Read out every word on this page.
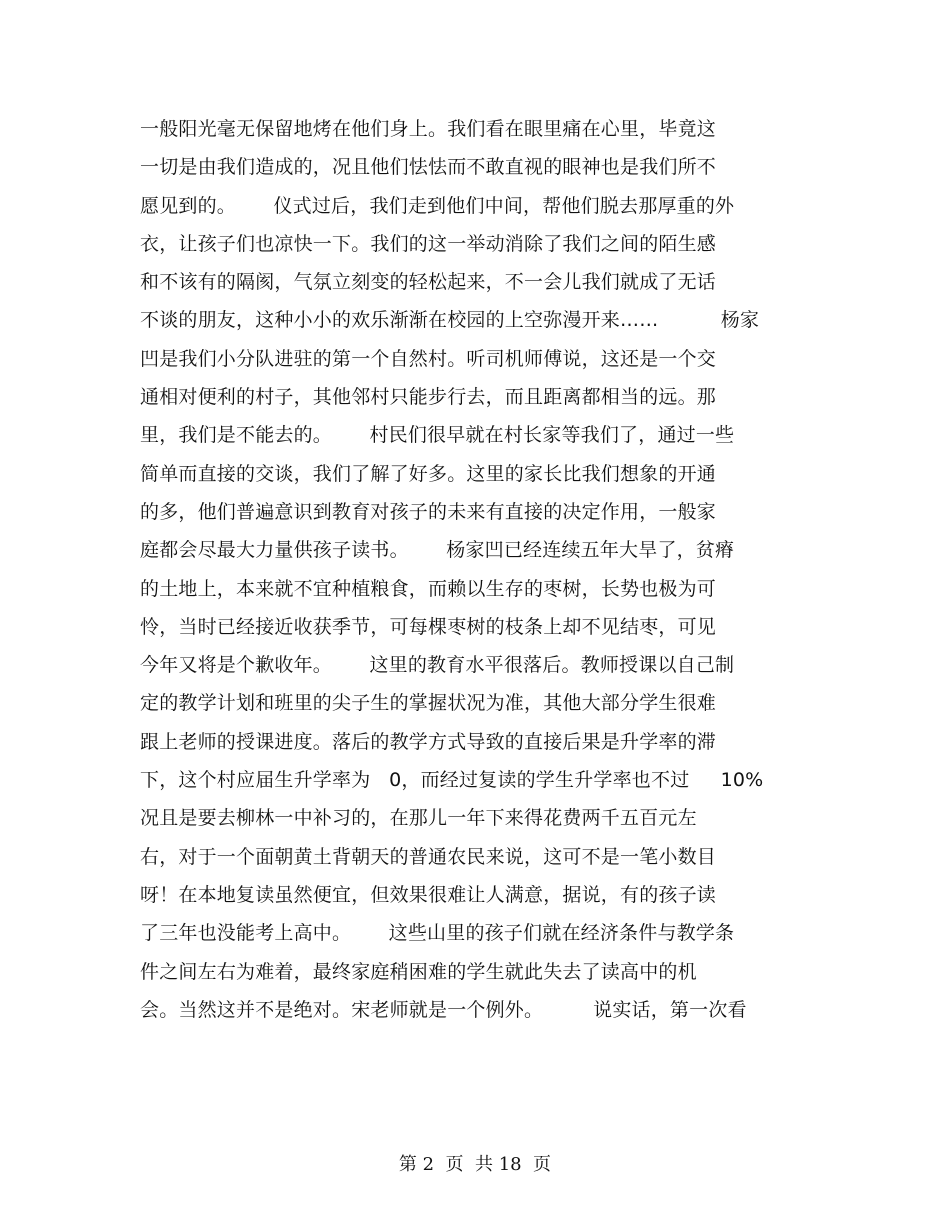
一般阳光毫无保留地烤在他们身上。我们看在眼里痛在心里，毕竟这
一切是由我们造成的，况且他们怯怯而不敢直视的眼神也是我们所不
愿见到的。      仪式过后，我们走到他们中间，帮他们脱去那厚重的外
衣，让孩子们也凉快一下。我们的这一举动消除了我们之间的陌生感
和不该有的隔阂，气氛立刻变的轻松起来，不一会儿我们就成了无话
不谈的朋友，这种小小的欢乐渐渐在校园的上空弥漫开来……          杨家
凹是我们小分队进驻的第一个自然村。听司机师傅说，这还是一个交
通相对便利的村子，其他邻村只能步行去，而且距离都相当的远。那
里，我们是不能去的。      村民们很早就在村长家等我们了，通过一些
简单而直接的交谈，我们了解了好多。这里的家长比我们想象的开通
的多，他们普遍意识到教育对孩子的未来有直接的决定作用，一般家
庭都会尽最大力量供孩子读书。      杨家凹已经连续五年大旱了，贫瘠
的土地上，本来就不宜种植粮食，而赖以生存的枣树，长势也极为可
怜，当时已经接近收获季节，可每棵枣树的枝条上却不见结枣，可见
今年又将是个歉收年。      这里的教育水平很落后。教师授课以自己制
定的教学计划和班里的尖子生的掌握状况为准，其他大部分学生很难
跟上老师的授课进度。落后的教学方式导致的直接后果是升学率的滞
下，这个村应届生升学率为   0，而经过复读的学生升学率也不过     10%
况且是要去柳林一中补习的，在那儿一年下来得花费两千五百元左
右，对于一个面朝黄土背朝天的普通农民来说，这可不是一笔小数目
呀！在本地复读虽然便宜，但效果很难让人满意，据说，有的孩子读
了三年也没能考上高中。      这些山里的孩子们就在经济条件与教学条
件之间左右为难着，最终家庭稍困难的学生就此失去了读高中的机
会。当然这并不是绝对。宋老师就是一个例外。        说实话，第一次看
第 2  页  共 18  页
